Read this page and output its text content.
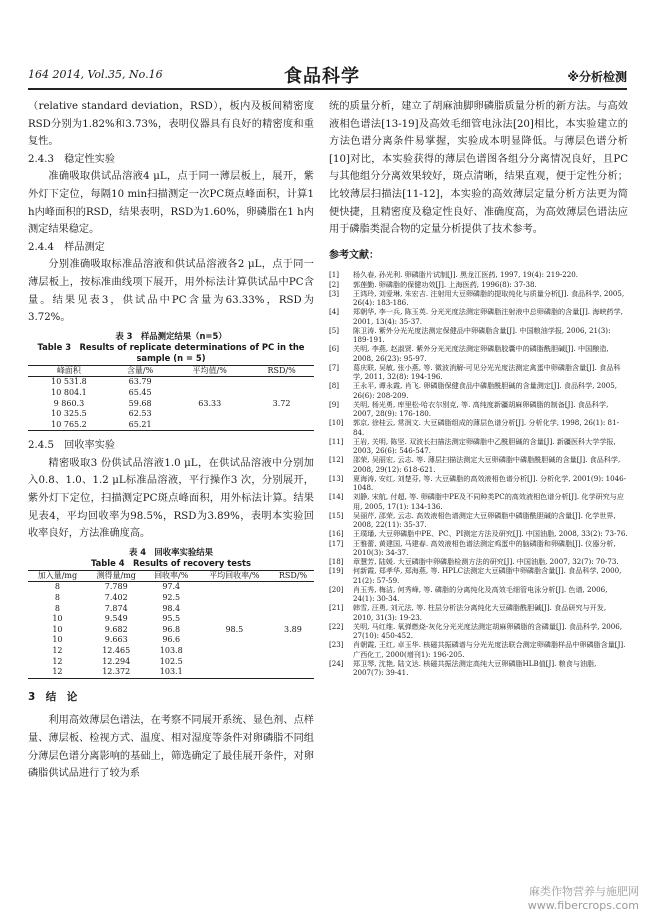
164 2014, Vol.35, No.16	食品科学	※分析检测

（relative standard deviation，RSD），板内及板间精密度RSD分别为1.82%和3.73%，表明仪器具有良好的精密度和重复性。

2.4.3　稳定性实验

准确吸取供试品溶液4 μL，点于同一薄层板上，展开，紫外灯下定位，每隔10 min扫描测定一次PC斑点峰面积，计算1 h内峰面积的RSD，结果表明，RSD为1.60%，卵磷脂在1 h内测定结果稳定。

2.4.4　样品测定

分别准确吸取标准品溶液和供试品溶液各2 μL，点于同一薄层板上，按标准曲线项下展开，用外标法计算供试品中PC含量。结果见表3，供试品中PC含量为63.33%，RSD为3.72%。

表 3　样品测定结果（n=5）
Table 3　Results of replicate determinations of PC in the sample (n = 5)
峰面积	含量/%	平均值/%	RSD/%
10 531.8	63.79	63.33	3.72
10 804.1	65.45		
9 860.3	59.68		
10 325.5	62.53		
10 765.2	65.21		

2.4.5　回收率实验

精密吸取3 份供试品溶液1.0 μL，在供试品溶液中分别加入0.8、1.0、1.2 μL标准品溶液，平行操作3 次，分别展开，紫外灯下定位，扫描测定PC斑点峰面积，用外标法计算。结果见表4，平均回收率为98.5%，RSD为3.89%，表明本实验回收率良好，方法准确度高。

表 4　回收率实验结果
Table 4　Results of recovery tests
加入量/mg	测得量/mg	回收率/%	平均回收率/%	RSD/%
8	7.789	97.4	98.5	3.89
8	7.402	92.5		
8	7.874	98.4		
10	9.549	95.5		
10	9.682	96.8		
10	9.663	96.6		
12	12.465	103.8		
12	12.294	102.5		
12	12.372	103.1		
3　结　论

利用高效薄层色谱法，在考察不同展开系统、显色剂、点样量、薄层板、检视方式、温度、相对湿度等条件对卵磷脂不同组分薄层色谱分离影响的基础上，筛选确定了最佳展开条件，对卵磷脂供试品进行了较为系

统的质量分析，建立了胡麻油脚卵磷脂质量分析的新方法。与高效液相色谱法[13-19]及高效毛细管电泳法[20]相比，本实验建立的方法色谱分离条件易掌握，实验成本明显降低。与薄层色谱分析[10]对比，本实验获得的薄层色谱图各组分分离情况良好，且PC与其他组分分离效果较好，斑点清晰，结果直观，便于定性分析；比较薄层扫描法[11-12]，本实验的高效薄层定量分析方法更为简便快捷，且精密度及稳定性良好、准确度高，为高效薄层色谱法应用于磷脂类混合物的定量分析提供了技术参考。

参考文献：
[1] 杨久春, 孙光利. 卵磷脂片试制[J]. 黑龙江医药, 1997, 19(4): 219-220.
[2] 郭莲勤. 卵磷脂的保健功效[J]. 上海医药, 1996(8): 37-38.
[3] 王鸿玲, 刘爱琳, 朱宏吉. 注射用大豆卵磷脂的提取纯化与质量分析[J]. 食品科学, 2005, 26(4): 183-186.
[4] 郑朝华, 李一兵, 陈玉英. 分光光度法测定卵磷脂注射液中总卵磷脂的含量[J]. 海峡药学, 2001, 13(4): 35-37.
[5] 陈卫涛. 紫外分光光度法测定保健品中卵磷脂含量[J]. 中国粮油学报, 2006, 21(3): 189-191.
[6] 关明, 李燕, 赵淑贤. 紫外分光光度法测定卵磷脂胶囊中的磷脂酰胆碱[J]. 中国酿造, 2008, 26(23): 95-97.
[7] 葛庆联, 吴敏, 张小燕, 等. 微波消解-可见分光光度法测定禽蛋中卵磷脂含量[J]. 食品科学, 2011, 32(8): 194-196.
[8] 王永平, 谭永霞, 肖飞. 卵磷脂保健食品中磷脂酰胆碱的含量测定[J]. 食品科学, 2005, 26(6): 208-209.
[9] 关明, 杨光勇, 库里松·哈衣尔别克, 等. 高纯度新疆胡麻卵磷脂的制备[J]. 食品科学, 2007, 28(9): 176-180.
[10] 郭京, 徐桂云, 常润文. 大豆磷脂组成的薄层色谱分析[J]. 分析化学, 1998, 26(1): 81-84.
[11] 王岩, 关明, 陈坚. 双波长扫描法测定卵磷脂中乙酰胆碱的含量[J]. 新疆医科大学学报, 2003, 26(6): 546-547.
[12] 邵荣, 吴丽宏, 云志. 等. 薄层扫描法测定大豆卵磷脂中磷脂酰胆碱的含量[J]. 食品科学, 2008, 29(12): 618-621.
[13] 夏海涛, 安红, 刘楚芬, 等. 大豆磷脂的高效液相色谱分析[J]. 分析化学, 2001(9): 1046-1048.
[14] 刘静, 宋航, 付超, 等. 卵磷脂中PE及不同种类PC的高效液相色谱分析[J]. 化学研究与应用, 2005, 17(1): 134-136.
[15] 吴丽芹, 邵荣, 云志. 高效液相色谱测定大豆卵磷脂中磷脂酰胆碱的含量[J]. 化学世界, 2008, 22(11): 35-37.
[16] 王璞璠, 大豆卵磷脂中PE、PC、PI测定方法及研究[J]. 中国油脂, 2008, 33(2): 73-76.
[17] 王雅蕾, 黄建国, 马建春. 高效液相色谱法测定鸡蛋中的脑磷脂和卵磷脂[J]. 仪器分析, 2010(3): 34-37.
[18] 章慧芳, 陆媛. 大豆磷脂中卵磷脂检测方法的研究[J]. 中国油脂, 2007, 32(7): 70-73.
[19] 何新霞, 郑孝华, 郑海燕, 等. HPLC法测定大豆磷脂中卵磷脂含量[J]. 食品科学, 2000, 21(2): 57-59.
[20] 肖玉秀, 梅洁, 何秀峰, 等. 磷脂的分离纯化及高效毛细管电泳分析[J]. 色谱, 2006, 24(1): 30-34.
[21] 韩雪, 汪勇, 刘元法, 等. 柱层分析法分离纯化大豆磷脂酰胆碱[J]. 食品研究与开发, 2010, 31(3): 19-23.
[22] 关明, 马红维. 氧弹燃烧-灰化分光光度法测定胡麻卵磷脂的含磷量[J]. 食品科学, 2006, 27(10): 450-452.
[23] 肖朝霞, 王红, 卓玉华. 核磁共振磷谱与分光光度法联合测定卵磷脂样品中卵磷脂含量[J]. 广西化工, 2000(增刊1): 196-205.
[24] 郑卫琴, 沈艳, 陆文达. 核磁共振法测定高纯大豆卵磷脂HLB值[J]. 粮食与油脂, 2007(7): 39-41.
麻类作物营养与施肥网
www.fibercrops.com
